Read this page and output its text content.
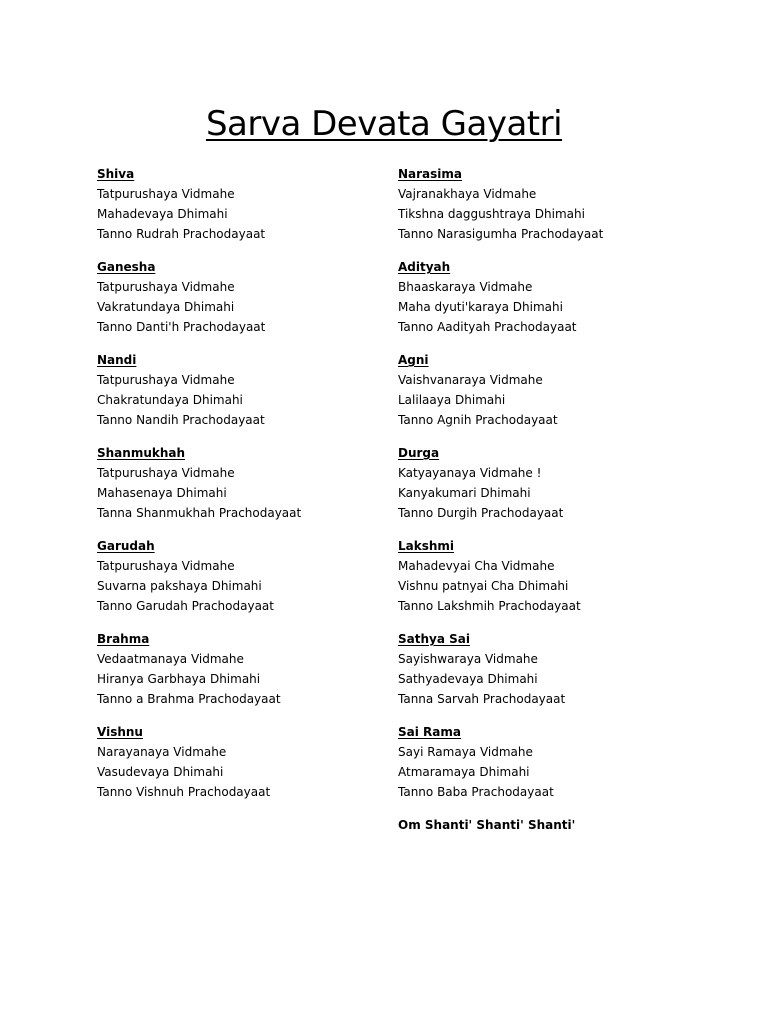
Sarva Devata Gayatri
Shiva
Tatpurushaya Vidmahe
Mahadevaya Dhimahi
Tanno Rudrah Prachodayaat
Ganesha
Tatpurushaya Vidmahe
Vakratundaya Dhimahi
Tanno Danti'h Prachodayaat
Nandi
Tatpurushaya Vidmahe
Chakratundaya Dhimahi
Tanno Nandih Prachodayaat
Shanmukhah
Tatpurushaya Vidmahe
Mahasenaya Dhimahi
Tanna Shanmukhah Prachodayaat
Garudah
Tatpurushaya Vidmahe
Suvarna pakshaya Dhimahi
Tanno Garudah Prachodayaat
Brahma
Vedaatmanaya Vidmahe
Hiranya Garbhaya Dhimahi
Tanno a Brahma Prachodayaat
Vishnu
Narayanaya Vidmahe
Vasudevaya Dhimahi
Tanno Vishnuh Prachodayaat
Narasima
Vajranakhaya Vidmahe
Tikshna daggushtraya Dhimahi
Tanno Narasigumha Prachodayaat
Adityah
Bhaaskaraya Vidmahe
Maha dyuti'karaya Dhimahi
Tanno Aadityah Prachodayaat
Agni
Vaishvanaraya Vidmahe
Lalilaaya Dhimahi
Tanno Agnih Prachodayaat
Durga
Katyayanaya Vidmahe !
Kanyakumari Dhimahi
Tanno Durgih Prachodayaat
Lakshmi
Mahadevyai Cha Vidmahe
Vishnu patnyai Cha Dhimahi
Tanno Lakshmih Prachodayaat
Sathya Sai
Sayishwaraya Vidmahe
Sathyadevaya Dhimahi
Tanna Sarvah Prachodayaat
Sai Rama
Sayi Ramaya Vidmahe
Atmaramaya Dhimahi
Tanno Baba Prachodayaat
Om Shanti' Shanti' Shanti'
